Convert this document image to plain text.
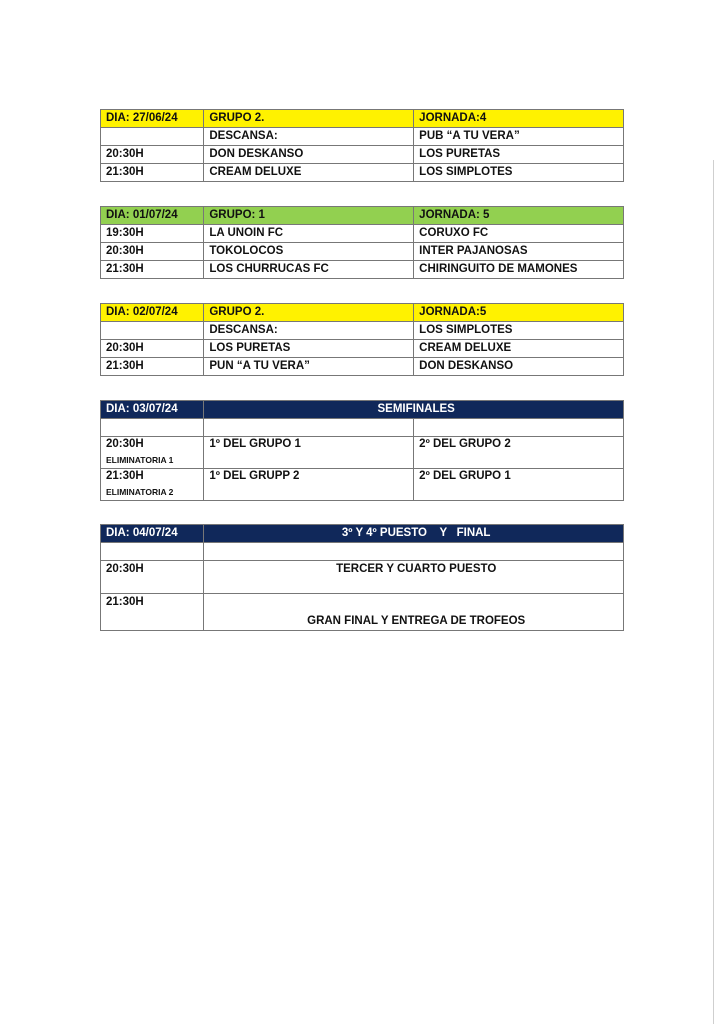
DIA: 27/06/24	GRUPO 2.	JORNADA:4
	DESCANSA:	PUB “A TU VERA”
20:30H	DON DESKANSO	LOS PURETAS
21:30H	CREAM DELUXE	LOS SIMPLOTES
DIA: 01/07/24	GRUPO: 1	JORNADA: 5
19:30H	LA UNOIN FC	CORUXO FC
20:30H	TOKOLOCOS	INTER PAJANOSAS
21:30H	LOS CHURRUCAS FC	CHIRINGUITO DE MAMONES
DIA: 02/07/24	GRUPO 2.	JORNADA:5
	DESCANSA:	LOS SIMPLOTES
20:30H	LOS PURETAS	CREAM DELUXE
21:30H	PUN “A TU VERA”	DON DESKANSO
DIA: 03/07/24	SEMIFINALES	

20:30H
ELIMINATORIA 1	1º DEL GRUPO 1	2º DEL GRUPO 2
21:30H
ELIMINATORIA 2	1º DEL GRUPP 2	2º DEL GRUPO 1
DIA: 04/07/24	3º Y 4º PUESTO    Y   FINAL

20:30H	TERCER Y CUARTO PUESTO
21:30H	GRAN FINAL Y ENTREGA DE TROFEOS
